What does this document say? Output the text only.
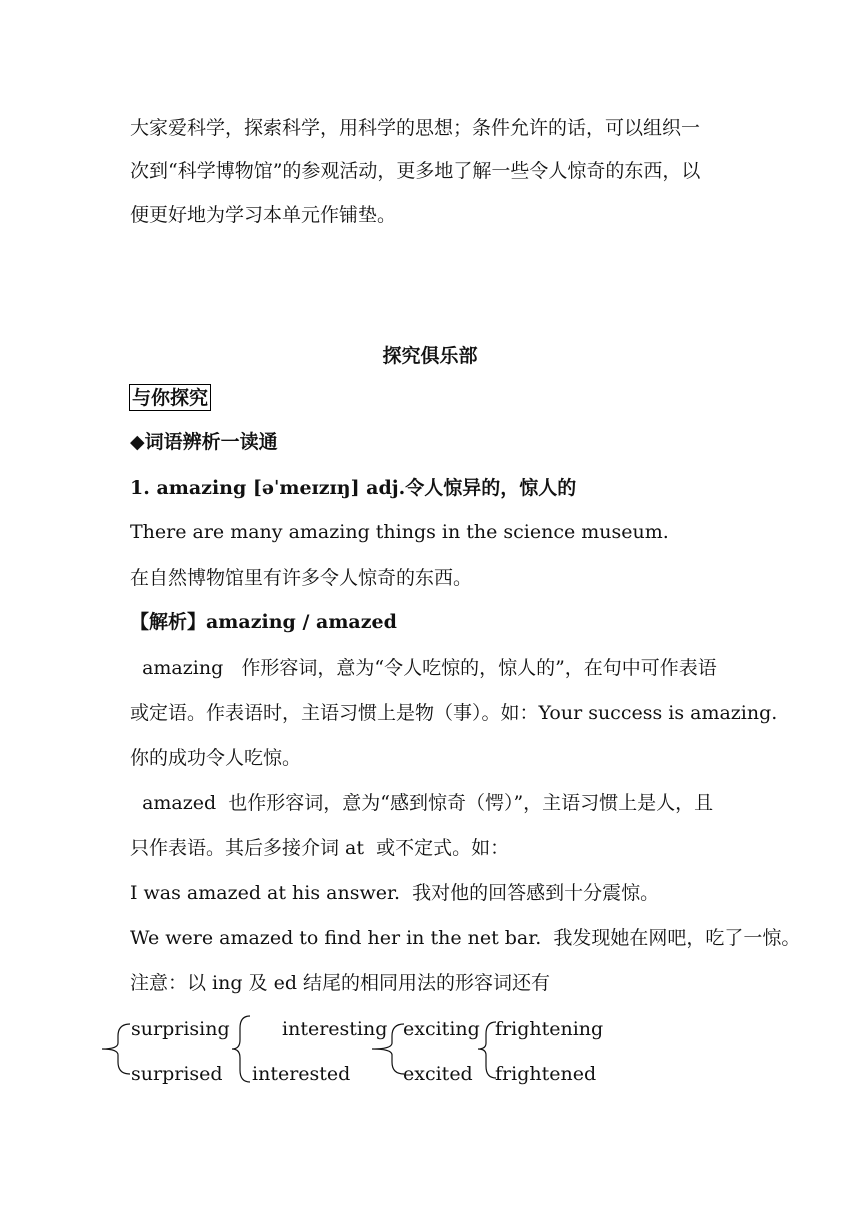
大家爱科学，探索科学，用科学的思想；条件允许的话，可以组织一
次到“科学博物馆”的参观活动，更多地了解一些令人惊奇的东西，以
便更好地为学习本单元作铺垫。
探究俱乐部
与你探究
◆词语辨析一读通
1. amazing [əˈmeɪzɪŋ] adj.令人惊异的，惊人的
There are many amazing things in the science museum.
在自然博物馆里有许多令人惊奇的东西。
【解析】amazing / amazed
amazing   作形容词，意为“令人吃惊的，惊人的”，在句中可作表语
或定语。作表语时，主语习惯上是物（事）。如：Your success is amazing.
你的成功令人吃惊。
amazed  也作形容词，意为“感到惊奇（愕）”，主语习惯上是人，且
只作表语。其后多接介词 at  或不定式。如：
I was amazed at his answer.  我对他的回答感到十分震惊。
We were amazed to find her in the net bar.  我发现她在网吧，吃了一惊。
注意：以 ing 及 ed 结尾的相同用法的形容词还有
surprising
surprised
interesting
interested
exciting
excited
frightening
frightened
